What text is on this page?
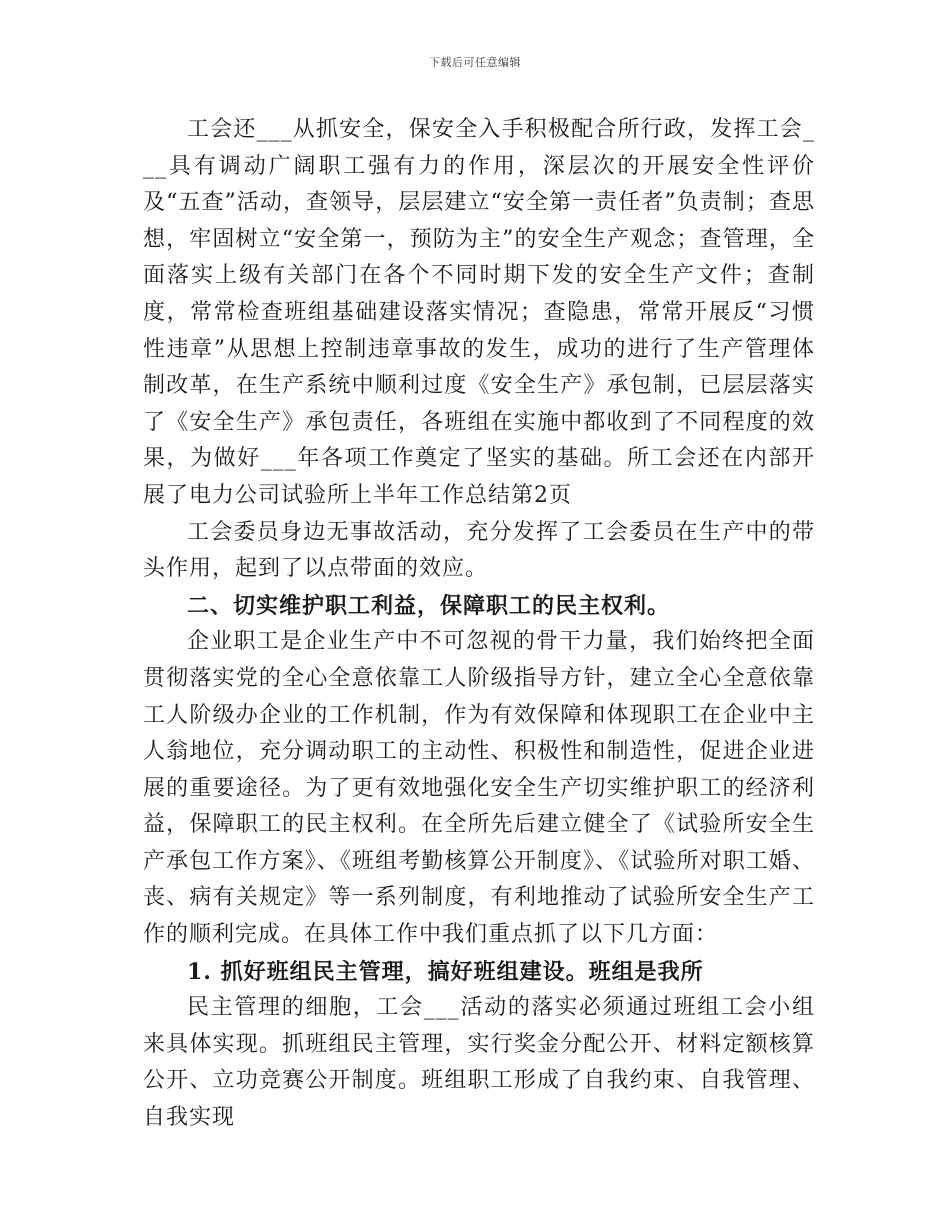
下载后可任意编辑

工会还___从抓安全，保安全入手积极配合所行政，发挥工会___具有调动广阔职工强有力的作用，深层次的开展安全性评价及“五查”活动，查领导，层层建立“安全第一责任者”负责制；查思想，牢固树立“安全第一，预防为主”的安全生产观念；查管理，全面落实上级有关部门在各个不同时期下发的安全生产文件；查制度，常常检查班组基础建设落实情况；查隐患，常常开展反“习惯性违章”从思想上控制违章事故的发生，成功的进行了生产管理体制改革，在生产系统中顺利过度《安全生产》承包制，已层层落实了《安全生产》承包责任，各班组在实施中都收到了不同程度的效果，为做好___年各项工作奠定了坚实的基础。所工会还在内部开展了电力公司试验所上半年工作总结第2页

工会委员身边无事故活动，充分发挥了工会委员在生产中的带头作用，起到了以点带面的效应。

二、切实维护职工利益，保障职工的民主权利。

企业职工是企业生产中不可忽视的骨干力量，我们始终把全面贯彻落实党的全心全意依靠工人阶级指导方针，建立全心全意依靠工人阶级办企业的工作机制，作为有效保障和体现职工在企业中主人翁地位，充分调动职工的主动性、积极性和制造性，促进企业进展的重要途径。为了更有效地强化安全生产切实维护职工的经济利益，保障职工的民主权利。在全所先后建立健全了《试验所安全生产承包工作方案》、《班组考勤核算公开制度》、《试验所对职工婚、丧、病有关规定》等一系列制度，有利地推动了试验所安全生产工作的顺利完成。在具体工作中我们重点抓了以下几方面：

1. 抓好班组民主管理，搞好班组建设。班组是我所

民主管理的细胞，工会___活动的落实必须通过班组工会小组来具体实现。抓班组民主管理，实行奖金分配公开、材料定额核算公开、立功竞赛公开制度。班组职工形成了自我约束、自我管理、自我实现
